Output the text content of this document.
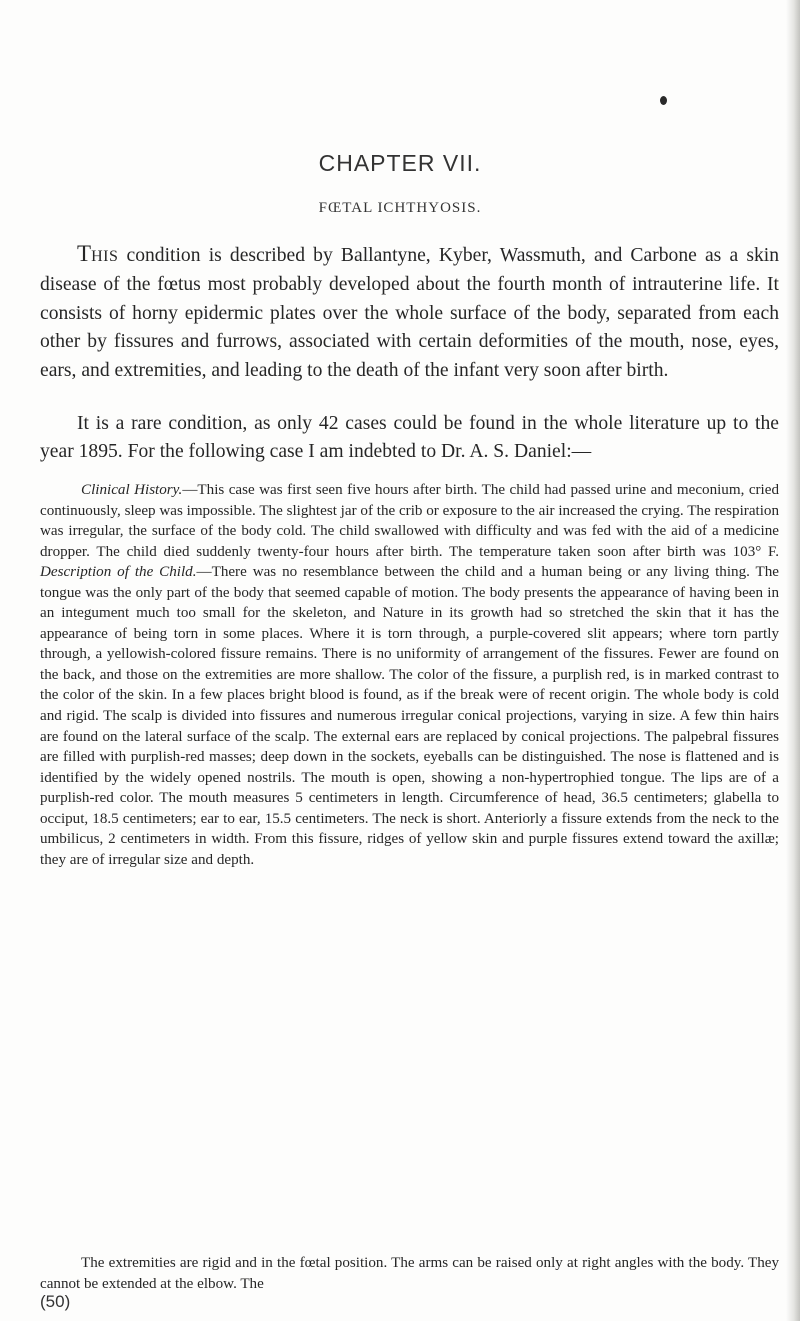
CHAPTER VII.
FŒTAL ICHTHYOSIS.

THIS condition is described by Ballantyne, Kyber, Wassmuth, and Carbone as a skin disease of the fœtus most probably developed about the fourth month of intrauterine life. It consists of horny epidermic plates over the whole surface of the body, separated from each other by fissures and furrows, associated with certain deformities of the mouth, nose, eyes, ears, and extremities, and leading to the death of the infant very soon after birth.

It is a rare condition, as only 42 cases could be found in the whole literature up to the year 1895. For the following case I am indebted to Dr. A. S. Daniel:—

Clinical History.—This case was first seen five hours after birth. The child had passed urine and meconium, cried continuously, sleep was impossible. The slightest jar of the crib or exposure to the air increased the crying. The respiration was irregular, the surface of the body cold. The child swallowed with difficulty and was fed with the aid of a medicine dropper. The child died suddenly twenty-four hours after birth. The temperature taken soon after birth was 103° F. Description of the Child.—There was no resemblance between the child and a human being or any living thing. The tongue was the only part of the body that seemed capable of motion. The body presents the appearance of having been in an integument much too small for the skeleton, and Nature in its growth had so stretched the skin that it has the appearance of being torn in some places. Where it is torn through, a purple-covered slit appears; where torn partly through, a yellowish-colored fissure remains. There is no uniformity of arrangement of the fissures. Fewer are found on the back, and those on the extremities are more shallow. The color of the fissure, a purplish red, is in marked contrast to the color of the skin. In a few places bright blood is found, as if the break were of recent origin. The whole body is cold and rigid. The scalp is divided into fissures and numerous irregular conical projections, varying in size. A few thin hairs are found on the lateral surface of the scalp. The external ears are replaced by conical projections. The palpebral fissures are filled with purplish-red masses; deep down in the sockets, eyeballs can be distinguished. The nose is flattened and is identified by the widely opened nostrils. The mouth is open, showing a non-hypertrophied tongue. The lips are of a purplish-red color. The mouth measures 5 centimeters in length. Circumference of head, 36.5 centimeters; glabella to occiput, 18.5 centimeters; ear to ear, 15.5 centimeters. The neck is short. Anteriorly a fissure extends from the neck to the umbilicus, 2 centimeters in width. From this fissure, ridges of yellow skin and purple fissures extend toward the axillæ; they are of irregular size and depth.

The extremities are rigid and in the fœtal position. The arms can be raised only at right angles with the body. They cannot be extended at the elbow. The

(50)
